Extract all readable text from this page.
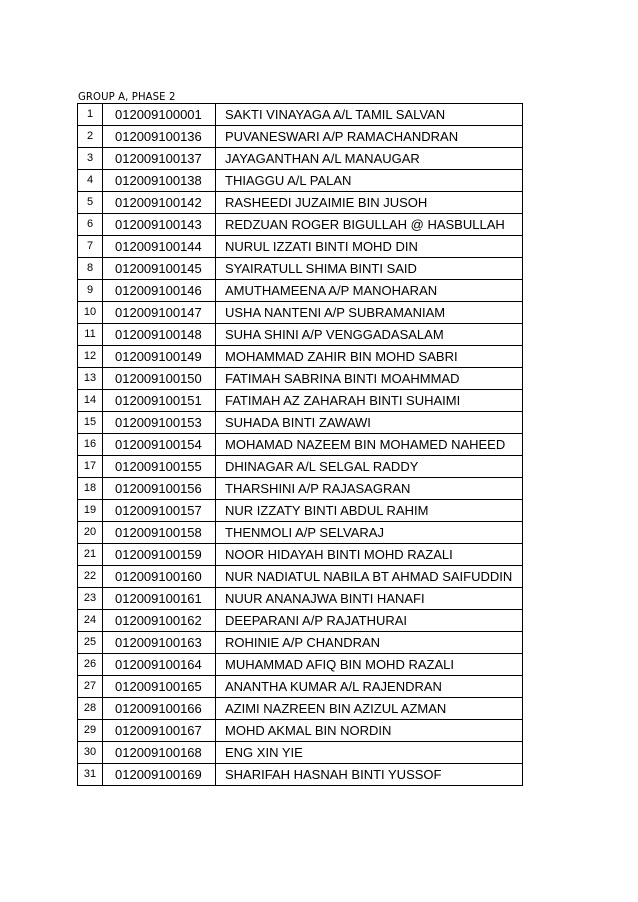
GROUP A, PHASE 2
1	012009100001	SAKTI VINAYAGA A/L TAMIL SALVAN
2	012009100136	PUVANESWARI A/P RAMACHANDRAN
3	012009100137	JAYAGANTHAN A/L MANAUGAR
4	012009100138	THIAGGU A/L PALAN
5	012009100142	RASHEEDI JUZAIMIE BIN JUSOH
6	012009100143	REDZUAN ROGER BIGULLAH @ HASBULLAH
7	012009100144	NURUL IZZATI BINTI MOHD DIN
8	012009100145	SYAIRATULL SHIMA BINTI SAID
9	012009100146	AMUTHAMEENA A/P MANOHARAN
10	012009100147	USHA NANTENI A/P SUBRAMANIAM
11	012009100148	SUHA SHINI A/P VENGGADASALAM
12	012009100149	MOHAMMAD ZAHIR BIN MOHD SABRI
13	012009100150	FATIMAH SABRINA BINTI MOAHMMAD
14	012009100151	FATIMAH AZ ZAHARAH BINTI SUHAIMI
15	012009100153	SUHADA BINTI ZAWAWI
16	012009100154	MOHAMAD NAZEEM BIN MOHAMED NAHEED
17	012009100155	DHINAGAR A/L SELGAL RADDY
18	012009100156	THARSHINI A/P RAJASAGRAN
19	012009100157	NUR IZZATY BINTI ABDUL RAHIM
20	012009100158	THENMOLI A/P SELVARAJ
21	012009100159	NOOR HIDAYAH BINTI MOHD RAZALI
22	012009100160	NUR NADIATUL NABILA BT AHMAD SAIFUDDIN
23	012009100161	NUUR ANANAJWA BINTI HANAFI
24	012009100162	DEEPARANI A/P RAJATHURAI
25	012009100163	ROHINIE A/P CHANDRAN
26	012009100164	MUHAMMAD AFIQ BIN MOHD RAZALI
27	012009100165	ANANTHA KUMAR A/L RAJENDRAN
28	012009100166	AZIMI NAZREEN BIN AZIZUL AZMAN
29	012009100167	MOHD AKMAL BIN NORDIN
30	012009100168	ENG XIN YIE
31	012009100169	SHARIFAH HASNAH BINTI YUSSOF
